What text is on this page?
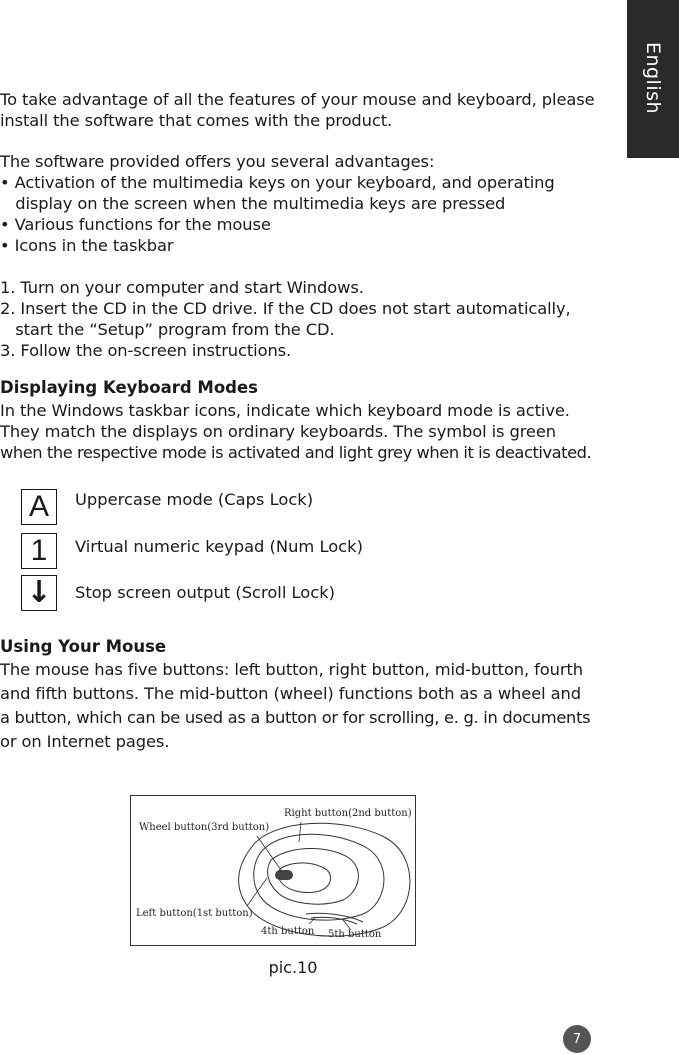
English
To take advantage of all the features of your mouse and keyboard, please
install the software that comes with the product.
The software provided offers you several advantages:
• Activation of the multimedia keys on your keyboard, and operating
display on the screen when the multimedia keys are pressed
• Various functions for the mouse
• Icons in the taskbar
1. Turn on your computer and start Windows.
2. Insert the CD in the CD drive. If the CD does not start automatically,
start the “Setup” program from the CD.
3. Follow the on-screen instructions.
Displaying Keyboard Modes
In the Windows taskbar icons, indicate which keyboard mode is active.
They match the displays on ordinary keyboards. The symbol is green
when the respective mode is activated and light grey when it is deactivated.
A Uppercase mode (Caps Lock)
1 Virtual numeric keypad (Num Lock)
↓ Stop screen output (Scroll Lock)
Using Your Mouse
The mouse has five buttons: left button, right button, mid-button, fourth
and fifth buttons. The mid-button (wheel) functions both as a wheel and
a button, which can be used as a button or for scrolling, e. g. in documents
or on Internet pages.
Right button(2nd button)
Wheel button(3rd button)
Left button(1st button)
4th button 5th button
pic.10
7
